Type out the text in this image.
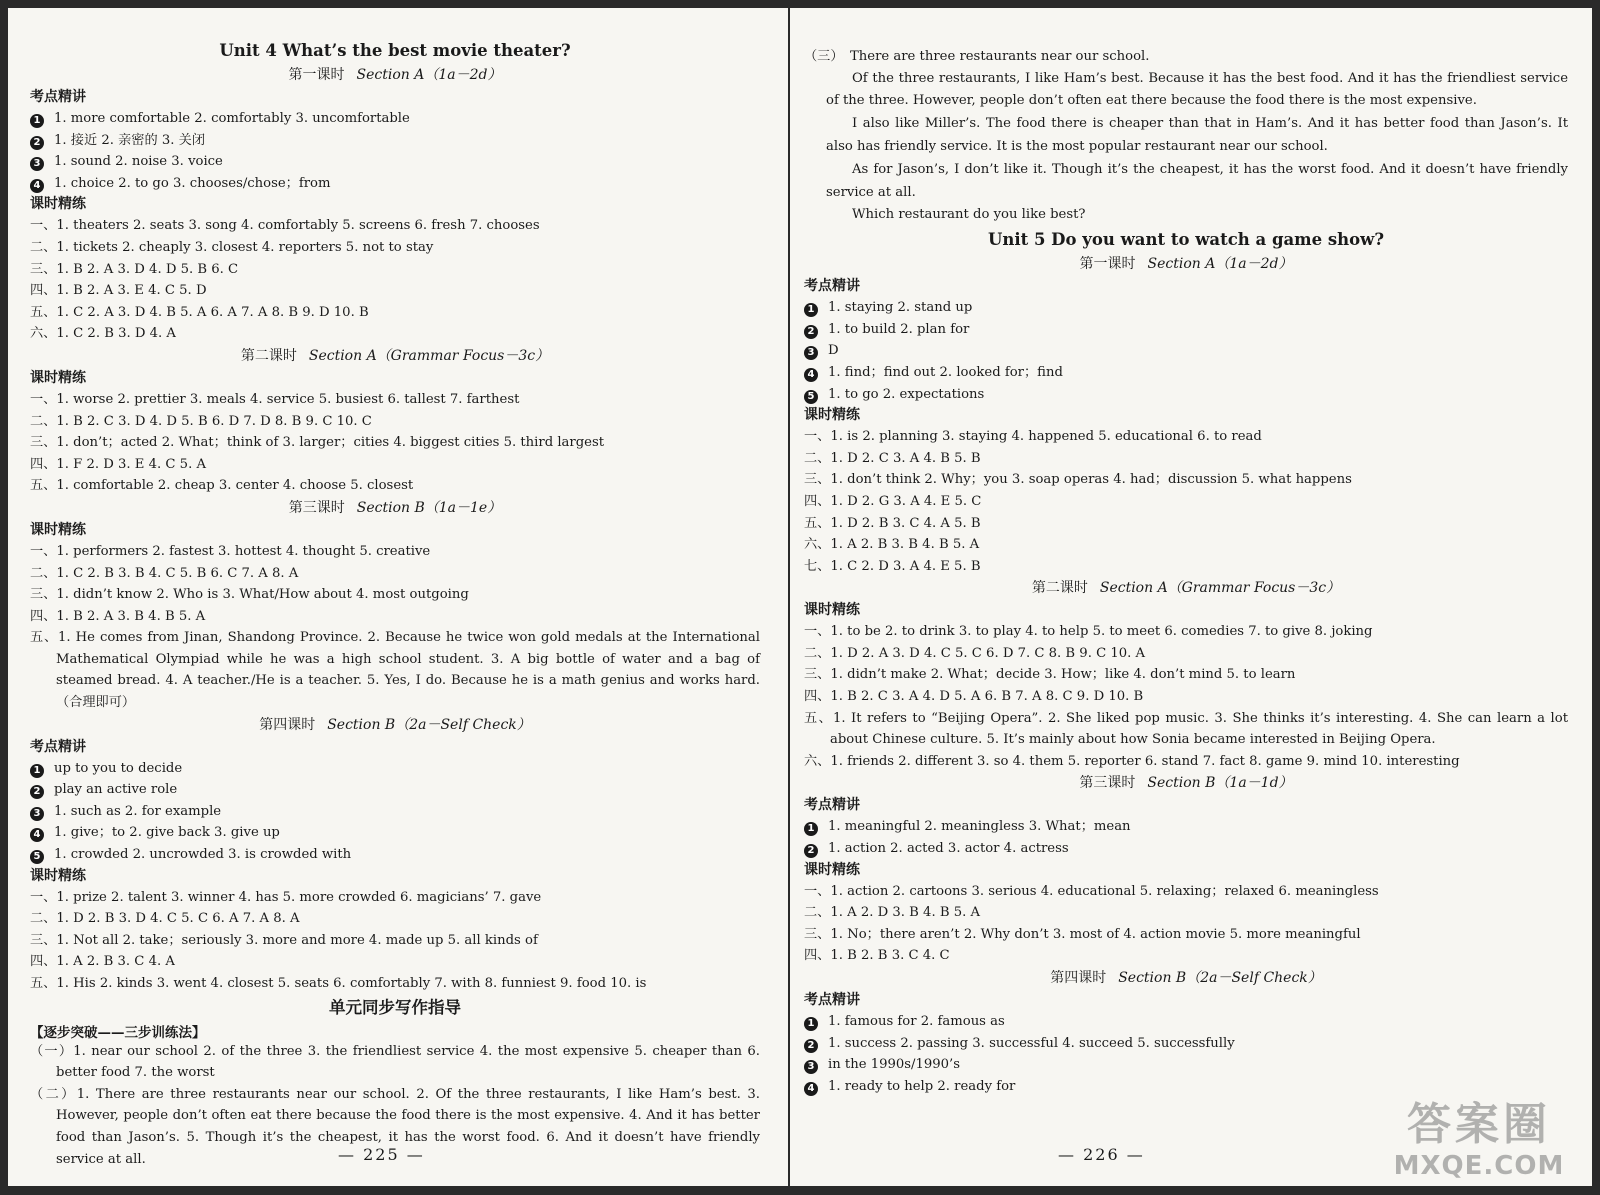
Unit 4 What’s the best movie theater?
第一课时 Section A（1a－2d）
考点精讲
1 1. more comfortable 2. comfortably 3. uncomfortable
2 1. 接近 2. 亲密的 3. 关闭
3 1. sound 2. noise 3. voice
4 1. choice 2. to go 3. chooses/chose；from
课时精练
一、1. theaters 2. seats 3. song 4. comfortably 5. screens 6. fresh 7. chooses
二、1. tickets 2. cheaply 3. closest 4. reporters 5. not to stay
三、1. B 2. A 3. D 4. D 5. B 6. C
四、1. B 2. A 3. E 4. C 5. D
五、1. C 2. A 3. D 4. B 5. A 6. A 7. A 8. B 9. D 10. B
六、1. C 2. B 3. D 4. A
第二课时 Section A（Grammar Focus－3c）
课时精练
一、1. worse 2. prettier 3. meals 4. service 5. busiest 6. tallest 7. farthest
二、1. B 2. C 3. D 4. D 5. B 6. D 7. D 8. B 9. C 10. C
三、1. don’t；acted 2. What；think of 3. larger；cities 4. biggest cities 5. third largest
四、1. F 2. D 3. E 4. C 5. A
五、1. comfortable 2. cheap 3. center 4. choose 5. closest
第三课时 Section B（1a－1e）
课时精练
一、1. performers 2. fastest 3. hottest 4. thought 5. creative
二、1. C 2. B 3. B 4. C 5. B 6. C 7. A 8. A
三、1. didn’t know 2. Who is 3. What/How about 4. most outgoing
四、1. B 2. A 3. B 4. B 5. A
五、1. He comes from Jinan, Shandong Province. 2. Because he twice won gold medals at the International Mathematical Olympiad while he was a high school student. 3. A big bottle of water and a bag of steamed bread. 4. A teacher./He is a teacher. 5. Yes, I do. Because he is a math genius and works hard.（合理即可）
第四课时 Section B（2a－Self Check）
考点精讲
1 up to you to decide
2 play an active role
3 1. such as 2. for example
4 1. give；to 2. give back 3. give up
5 1. crowded 2. uncrowded 3. is crowded with
课时精练
一、1. prize 2. talent 3. winner 4. has 5. more crowded 6. magicians’ 7. gave
二、1. D 2. B 3. D 4. C 5. C 6. A 7. A 8. A
三、1. Not all 2. take；seriously 3. more and more 4. made up 5. all kinds of
四、1. A 2. B 3. C 4. A
五、1. His 2. kinds 3. went 4. closest 5. seats 6. comfortably 7. with 8. funniest 9. food 10. is
单元同步写作指导
【逐步突破——三步训练法】
（一）1. near our school 2. of the three 3. the friendliest service 4. the most expensive 5. cheaper than 6. better food 7. the worst
（二）1. There are three restaurants near our school. 2. Of the three restaurants, I like Ham’s best. 3. However, people don’t often eat there because the food there is the most expensive. 4. And it has better food than Jason’s. 5. Though it’s the cheapest, it has the worst food. 6. And it doesn’t have friendly service at all.	— 225 —
（三） There are three restaurants near our school.
Of the three restaurants, I like Ham’s best. Because it has the best food. And it has the friendliest service of the three. However, people don’t often eat there because the food there is the most expensive.
I also like Miller’s. The food there is cheaper than that in Ham’s. And it has better food than Jason’s. It also has friendly service. It is the most popular restaurant near our school.
As for Jason’s, I don’t like it. Though it’s the cheapest, it has the worst food. And it doesn’t have friendly service at all.
Which restaurant do you like best?
Unit 5 Do you want to watch a game show?
第一课时 Section A（1a－2d）
考点精讲
1 1. staying 2. stand up
2 1. to build 2. plan for
3 D
4 1. find；find out 2. looked for；find
5 1. to go 2. expectations
课时精练
一、1. is 2. planning 3. staying 4. happened 5. educational 6. to read
二、1. D 2. C 3. A 4. B 5. B
三、1. don’t think 2. Why；you 3. soap operas 4. had；discussion 5. what happens
四、1. D 2. G 3. A 4. E 5. C
五、1. D 2. B 3. C 4. A 5. B
六、1. A 2. B 3. B 4. B 5. A
七、1. C 2. D 3. A 4. E 5. B
第二课时 Section A（Grammar Focus－3c）
课时精练
一、1. to be 2. to drink 3. to play 4. to help 5. to meet 6. comedies 7. to give 8. joking
二、1. D 2. A 3. D 4. C 5. C 6. D 7. C 8. B 9. C 10. A
三、1. didn’t make 2. What；decide 3. How；like 4. don’t mind 5. to learn
四、1. B 2. C 3. A 4. D 5. A 6. B 7. A 8. C 9. D 10. B
五、1. It refers to “Beijing Opera”. 2. She liked pop music. 3. She thinks it’s interesting. 4. She can learn a lot about Chinese culture. 5. It’s mainly about how Sonia became interested in Beijing Opera.
六、1. friends 2. different 3. so 4. them 5. reporter 6. stand 7. fact 8. game 9. mind 10. interesting
第三课时 Section B（1a－1d）
考点精讲
1 1. meaningful 2. meaningless 3. What；mean
2 1. action 2. acted 3. actor 4. actress
课时精练
一、1. action 2. cartoons 3. serious 4. educational 5. relaxing；relaxed 6. meaningless
二、1. A 2. D 3. B 4. B 5. A
三、1. No；there aren’t 2. Why don’t 3. most of 4. action movie 5. more meaningful
四、1. B 2. B 3. C 4. C
第四课时 Section B（2a－Self Check）
考点精讲
1 1. famous for 2. famous as
2 1. success 2. passing 3. successful 4. succeed 5. successfully
3 in the 1990s/1990’s
4 1. ready to help 2. ready for
— 226 —
答案圈
MXQE.COM
